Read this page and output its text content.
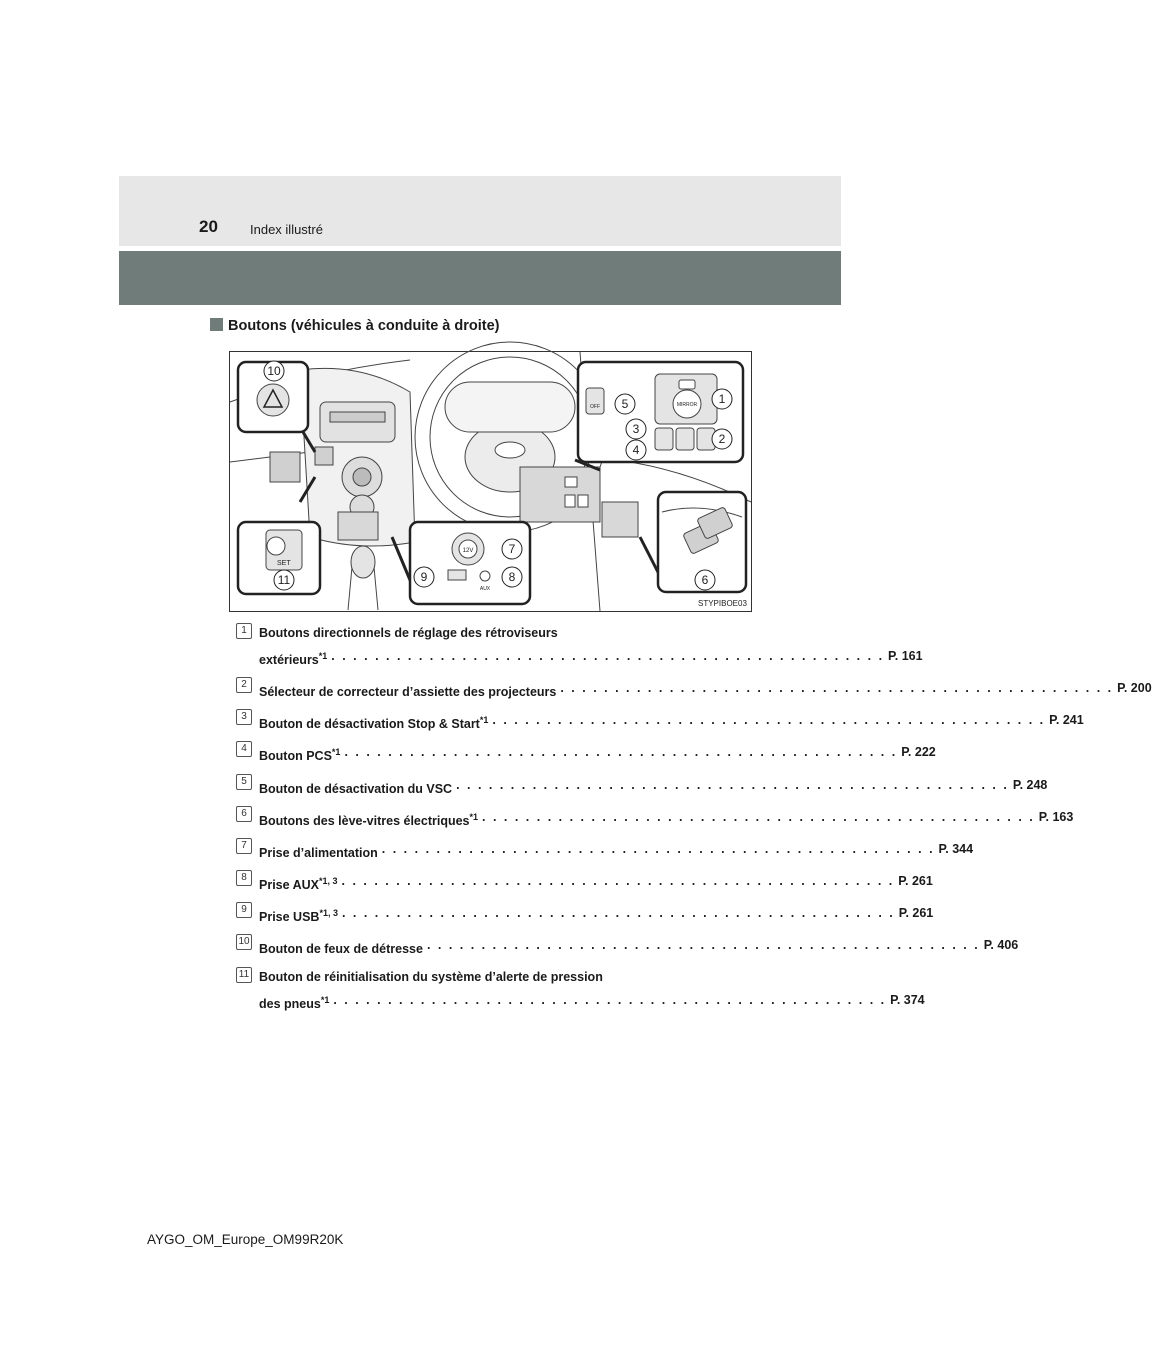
20 Index illustré
Boutons (véhicules à conduite à droite)
10
SET
11
12V
AUX
7
8
9
OFF	MIRROR 1
2
3
4
5
6
STYPIBOE03
1 Boutons directionnels de réglage des rétroviseurs
extérieurs$^{*1}$ . . . . . . . . . . . . . . . . . . . . . . . . . . . . . . . . . . . . . . . . . . . . . . . . . . . P. 161
2
Sélecteur de correcteur d’assiette des projecteurs . . . . . . . . . . . . . . . . . . . . . . . . . . . . . . . . . . . . . . . . . . . . . . . . . . . P. 200
3
Bouton de désactivation Stop & Start$^{*1}$ . . . . . . . . . . . . . . . . . . . . . . . . . . . . . . . . . . . . . . . . . . . . . . . . . . . P. 241
4
Bouton PCS$^{*1}$ . . . . . . . . . . . . . . . . . . . . . . . . . . . . . . . . . . . . . . . . . . . . . . . . . . . P. 222
5
Bouton de désactivation du VSC . . . . . . . . . . . . . . . . . . . . . . . . . . . . . . . . . . . . . . . . . . . . . . . . . . . P. 248
6
Boutons des lève-vitres électriques$^{*1}$ . . . . . . . . . . . . . . . . . . . . . . . . . . . . . . . . . . . . . . . . . . . . . . . . . . . P. 163
7
Prise d’alimentation . . . . . . . . . . . . . . . . . . . . . . . . . . . . . . . . . . . . . . . . . . . . . . . . . . . P. 344
8
Prise AUX$^{*1, 3}$ . . . . . . . . . . . . . . . . . . . . . . . . . . . . . . . . . . . . . . . . . . . . . . . . . . . P. 261
9
Prise USB$^{*1, 3}$ . . . . . . . . . . . . . . . . . . . . . . . . . . . . . . . . . . . . . . . . . . . . . . . . . . . P. 261
10
Bouton de feux de détresse . . . . . . . . . . . . . . . . . . . . . . . . . . . . . . . . . . . . . . . . . . . . . . . . . . . P. 406
11 Bouton de réinitialisation du système d’alerte de pression
des pneus$^{*1}$ . . . . . . . . . . . . . . . . . . . . . . . . . . . . . . . . . . . . . . . . . . . . . . . . . . . P. 374
AYGO_OM_Europe_OM99R20K
